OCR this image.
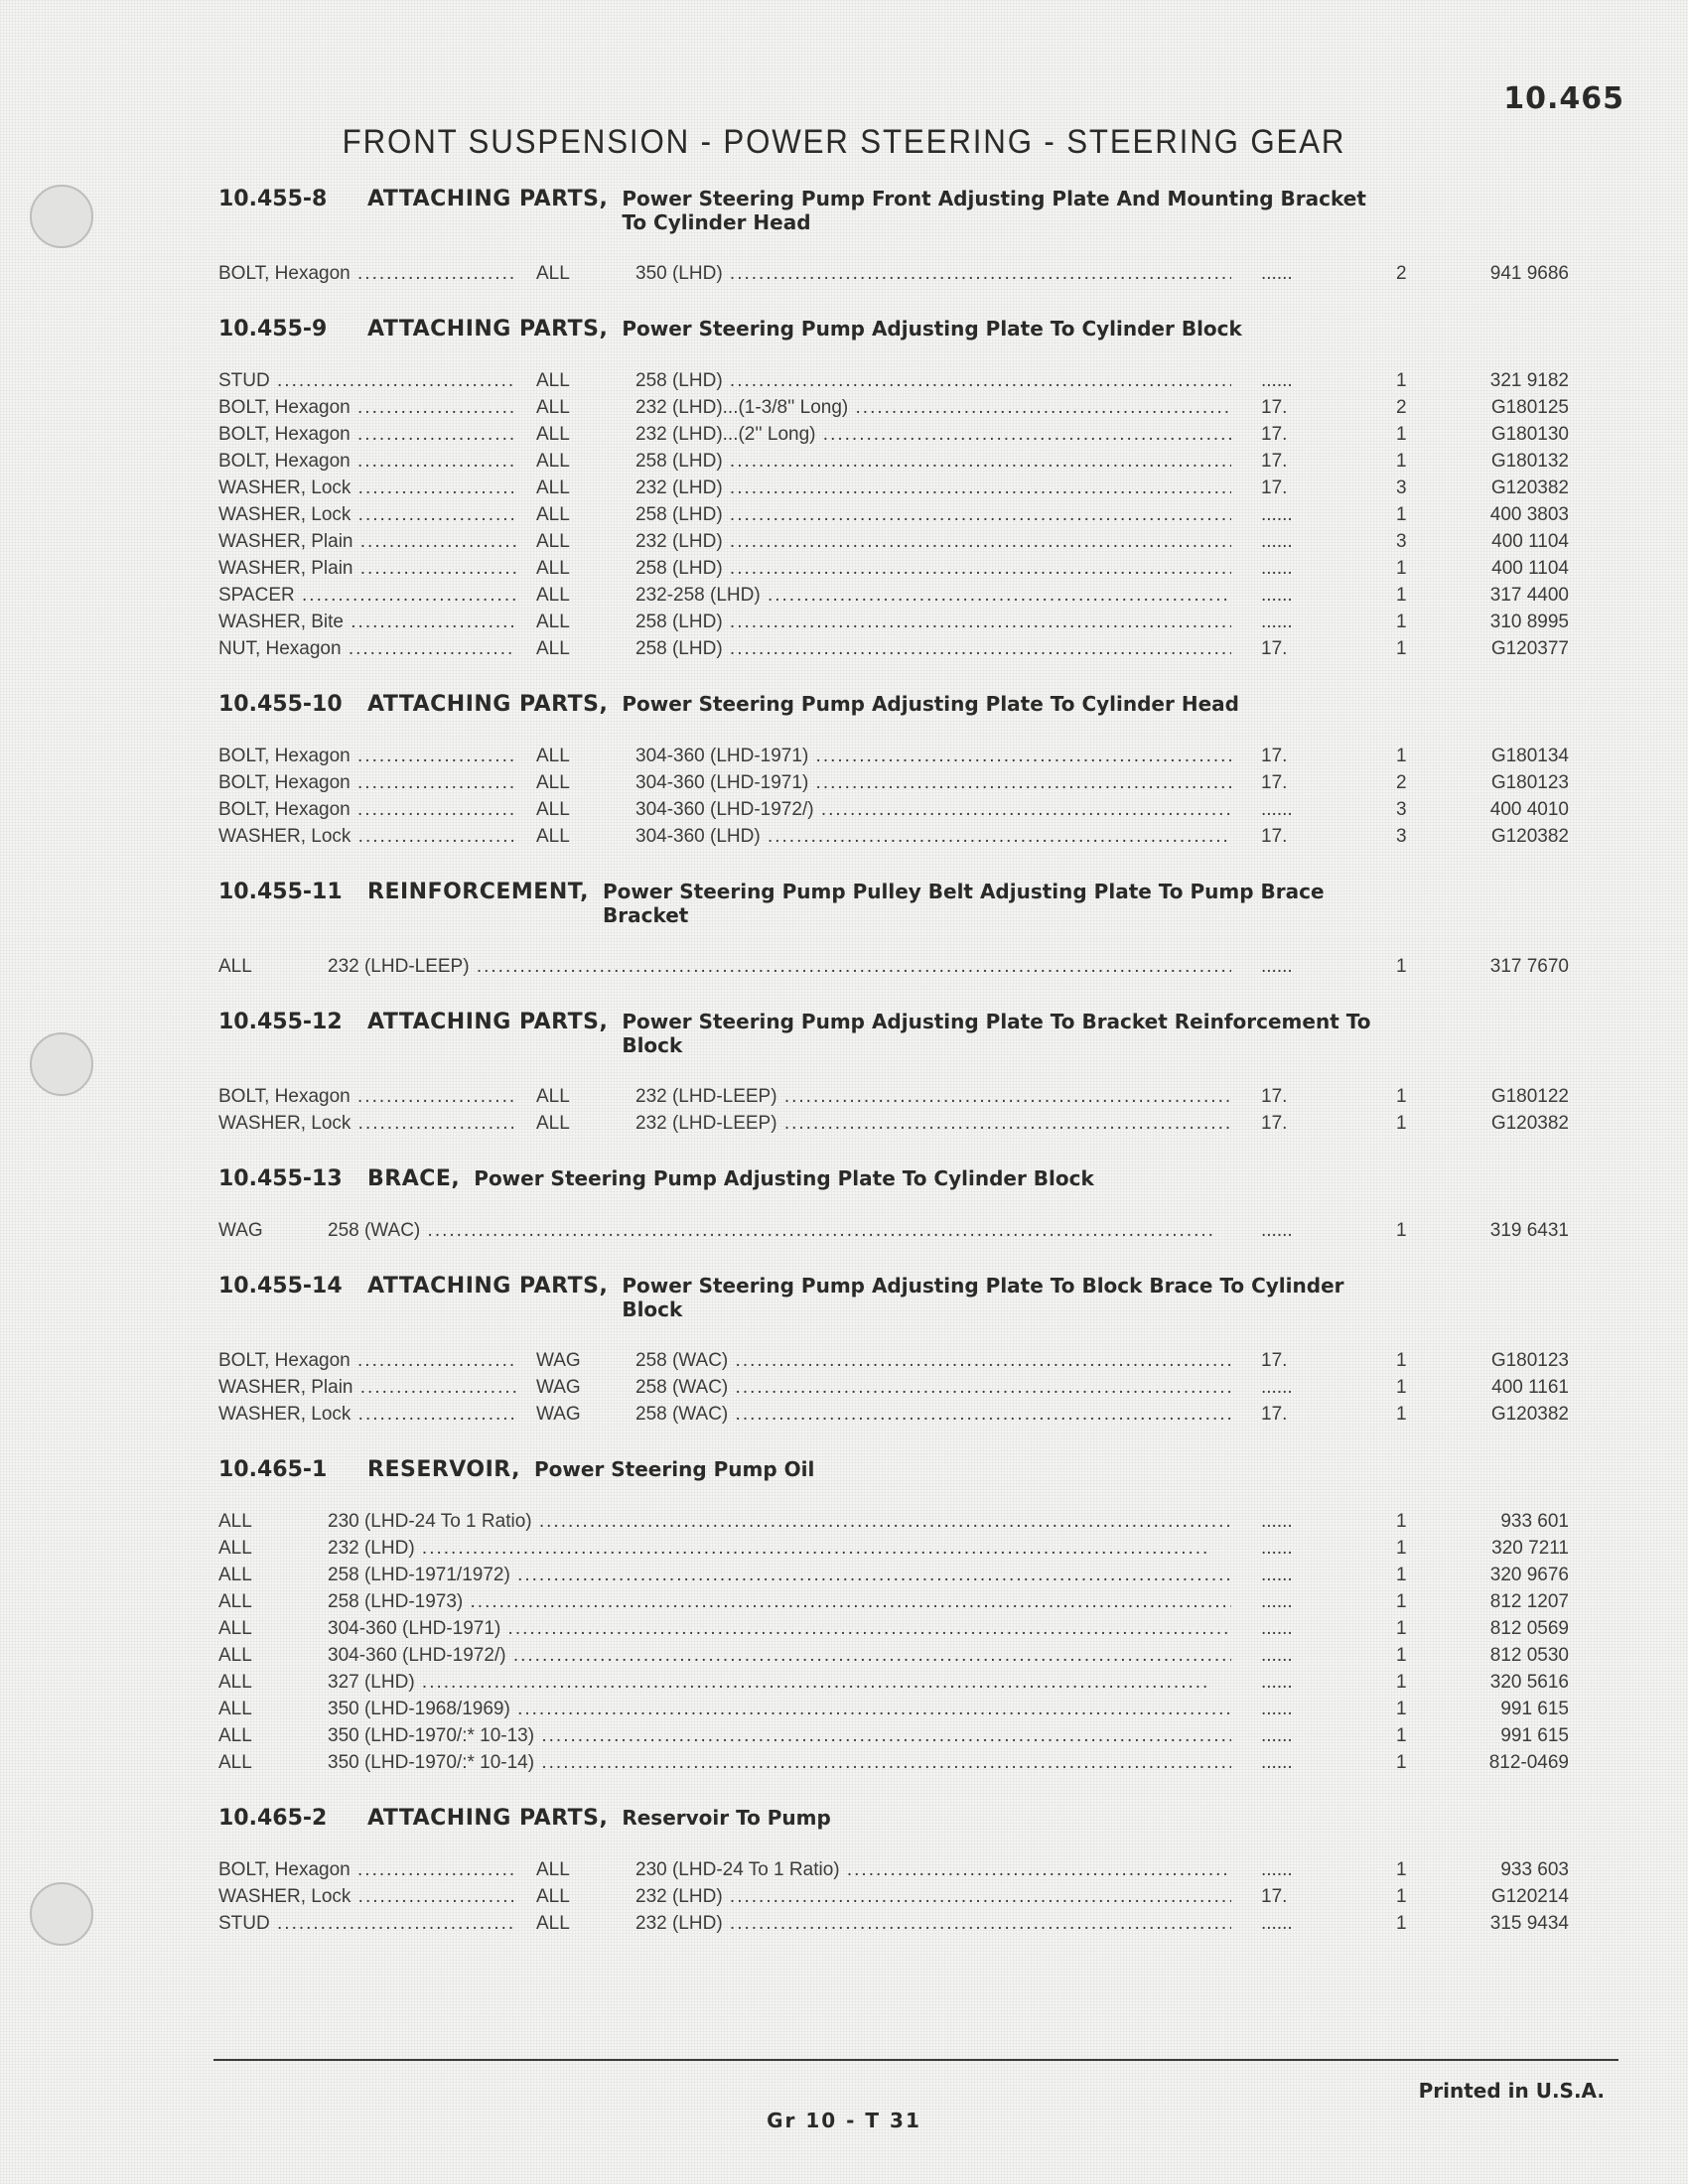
10.465
FRONT SUSPENSION - POWER STEERING - STEERING GEAR
10.455-8	ATTACHING PARTS, Power Steering Pump Front Adjusting Plate And Mounting Bracket To Cylinder Head
BOLT, Hexagon .....	ALL	350 (LHD) .....	......	2	941 9686
10.455-9	ATTACHING PARTS, Power Steering Pump Adjusting Plate To Cylinder Block
STUD .....	ALL	258 (LHD) .....	......	1	321 9182
BOLT, Hexagon .....	ALL	232 (LHD)...(1-3/8'' Long) .....	17.	2	G180125
BOLT, Hexagon .....	ALL	232 (LHD)...(2'' Long) .....	17.	1	G180130
BOLT, Hexagon .....	ALL	258 (LHD) .....	17.	1	G180132
WASHER, Lock .....	ALL	232 (LHD) .....	17.	3	G120382
WASHER, Lock .....	ALL	258 (LHD) .....	......	1	400 3803
WASHER, Plain .....	ALL	232 (LHD) .....	......	3	400 1104
WASHER, Plain .....	ALL	258 (LHD) .....	......	1	400 1104
SPACER .....	ALL	232-258 (LHD) .....	......	1	317 4400
WASHER, Bite .....	ALL	258 (LHD) .....	......	1	310 8995
NUT, Hexagon .....	ALL	258 (LHD) .....	17.	1	G120377
10.455-10	ATTACHING PARTS, Power Steering Pump Adjusting Plate To Cylinder Head
BOLT, Hexagon .....	ALL	304-360 (LHD-1971) .....	17.	1	G180134
BOLT, Hexagon .....	ALL	304-360 (LHD-1971) .....	17.	2	G180123
BOLT, Hexagon .....	ALL	304-360 (LHD-1972/) .....	......	3	400 4010
WASHER, Lock .....	ALL	304-360 (LHD) .....	17.	3	G120382
10.455-11	REINFORCEMENT, Power Steering Pump Pulley Belt Adjusting Plate To Pump Brace Bracket
ALL	232 (LHD-LEEP) .....	......	1	317 7670
10.455-12	ATTACHING PARTS, Power Steering Pump Adjusting Plate To Bracket Reinforcement To Block
BOLT, Hexagon .....	ALL	232 (LHD-LEEP) .....	17.	1	G180122
WASHER, Lock .....	ALL	232 (LHD-LEEP) .....	17.	1	G120382
10.455-13	BRACE, Power Steering Pump Adjusting Plate To Cylinder Block
WAG	258 (WAC) .....	......	1	319 6431
10.455-14	ATTACHING PARTS, Power Steering Pump Adjusting Plate To Block Brace To Cylinder Block
BOLT, Hexagon .....	WAG	258 (WAC) .....	17.	1	G180123
WASHER, Plain .....	WAG	258 (WAC) .....	......	1	400 1161
WASHER, Lock .....	WAG	258 (WAC) .....	17.	1	G120382
10.465-1	RESERVOIR, Power Steering Pump Oil
ALL	230 (LHD-24 To 1 Ratio) .....	......	1	933 601
ALL	232 (LHD) .....	......	1	320 7211
ALL	258 (LHD-1971/1972) .....	......	1	320 9676
ALL	258 (LHD-1973) .....	......	1	812 1207
ALL	304-360 (LHD-1971) .....	......	1	812 0569
ALL	304-360 (LHD-1972/) .....	......	1	812 0530
ALL	327 (LHD) .....	......	1	320 5616
ALL	350 (LHD-1968/1969) .....	......	1	991 615
ALL	350 (LHD-1970/:* 10-13) .....	......	1	991 615
ALL	350 (LHD-1970/:* 10-14) .....	......	1	812-0469
10.465-2	ATTACHING PARTS, Reservoir To Pump
BOLT, Hexagon .....	ALL	230 (LHD-24 To 1 Ratio) .....	......	1	933 603
WASHER, Lock .....	ALL	232 (LHD) .....	17.	1	G120214
STUD .....	ALL	232 (LHD) .....	......	1	315 9434
Printed in U.S.A.
Gr 10 - T 31
